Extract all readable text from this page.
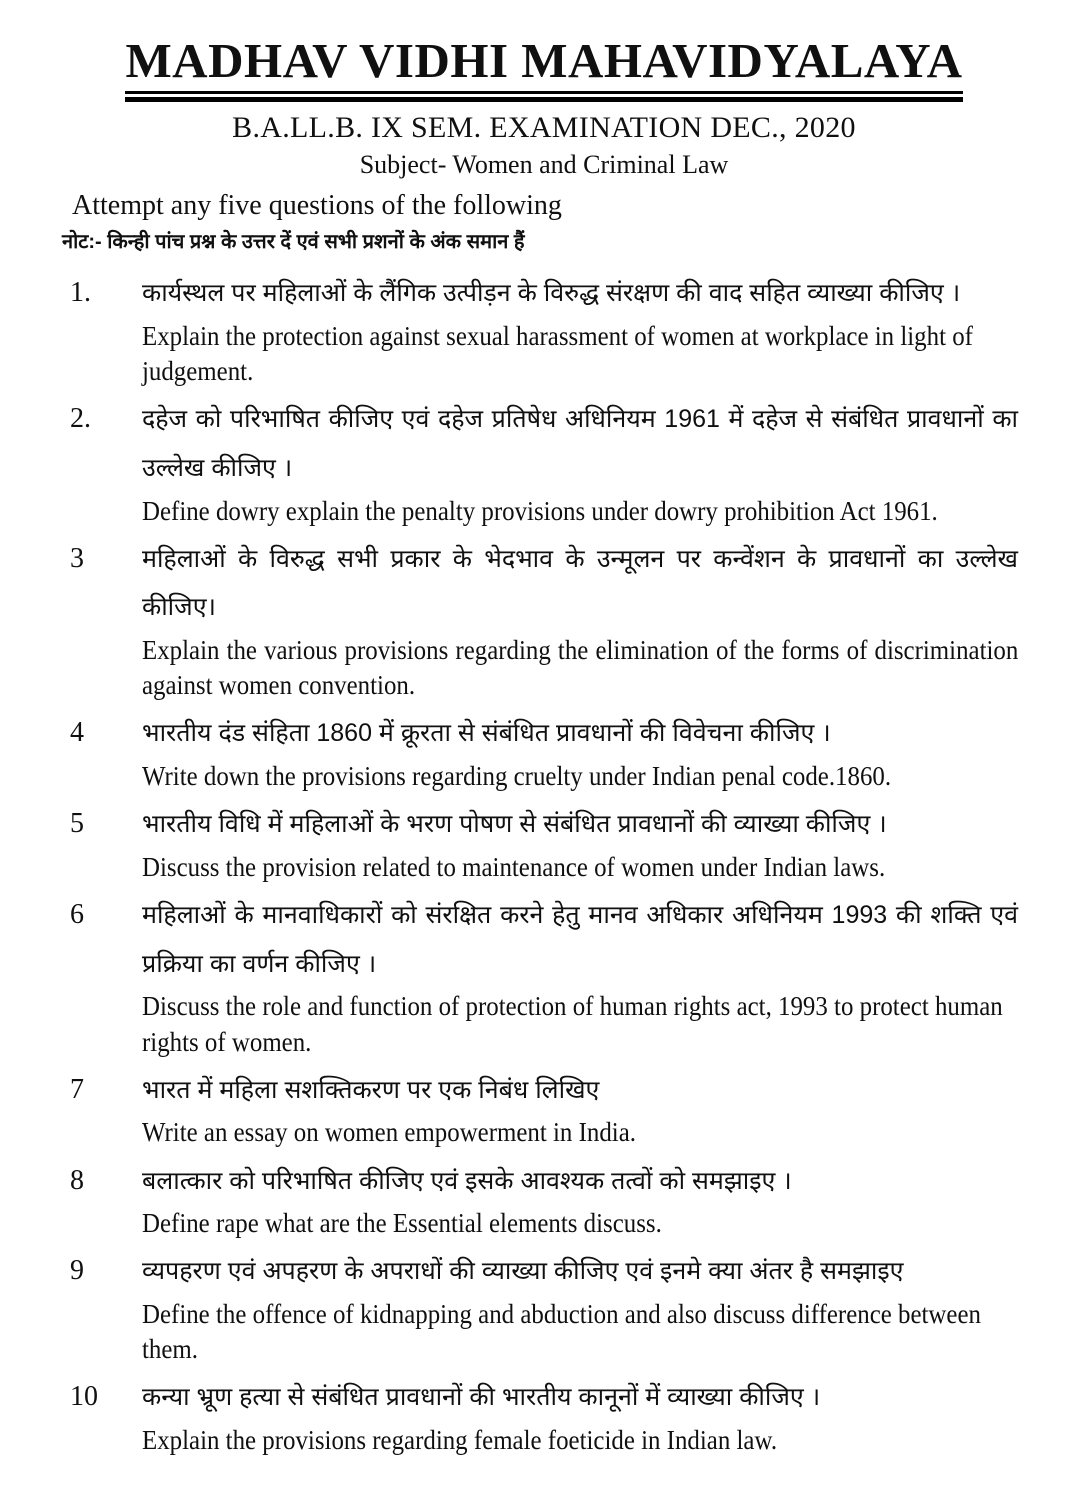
MADHAV VIDHI MAHAVIDYALAYA
B.A.LL.B. IX SEM. EXAMINATION DEC., 2020
Subject- Women and Criminal Law

Attempt any five questions of the following

नोट:- किन्ही पांच प्रश्न के उत्तर दें एवं सभी प्रशनों के अंक समान हैं

1.	कार्यस्थल पर महिलाओं के लैंगिक उत्पीड़न के विरुद्ध संरक्षण की वाद सहित व्याख्या कीजिए ।

Explain the protection against sexual harassment of women at workplace in light of judgement.

2.	दहेज को परिभाषित कीजिए एवं दहेज प्रतिषेध अधिनियम 1961 में दहेज से संबंधित प्रावधानों का उल्लेख कीजिए ।

Define dowry explain the penalty provisions under dowry prohibition Act 1961.

3	महिलाओं के विरुद्ध सभी प्रकार के भेदभाव के उन्मूलन पर कन्वेंशन के प्रावधानों का उल्लेख कीजिए।

Explain the various provisions regarding the elimination of the forms of discrimination against women convention.

4	भारतीय दंड संहिता 1860 में क्रूरता से संबंधित प्रावधानों की विवेचना कीजिए ।

Write down the provisions regarding cruelty under Indian penal code.1860.

5	भारतीय विधि में महिलाओं के भरण पोषण से संबंधित प्रावधानों की व्याख्या कीजिए ।

Discuss the provision related to maintenance of women under Indian laws.

6	महिलाओं के मानवाधिकारों को संरक्षित करने हेतु मानव अधिकार अधिनियम 1993 की शक्ति एवं प्रक्रिया का वर्णन कीजिए ।

Discuss the role and function of protection of human rights act, 1993 to protect human rights of women.

7	भारत में महिला सशक्तिकरण पर एक निबंध लिखिए

Write an essay on women empowerment in India.

8	बलात्कार को परिभाषित कीजिए एवं इसके आवश्यक तत्वों को समझाइए ।

Define rape what are the Essential elements discuss.

9	व्यपहरण एवं अपहरण के अपराधों की व्याख्या कीजिए एवं इनमे क्या अंतर है समझाइए

Define the offence of kidnapping and abduction and also discuss difference between them.

10	कन्या भ्रूण हत्या से संबंधित प्रावधानों की भारतीय कानूनों में व्याख्या कीजिए ।

Explain the provisions regarding female foeticide in Indian law.
